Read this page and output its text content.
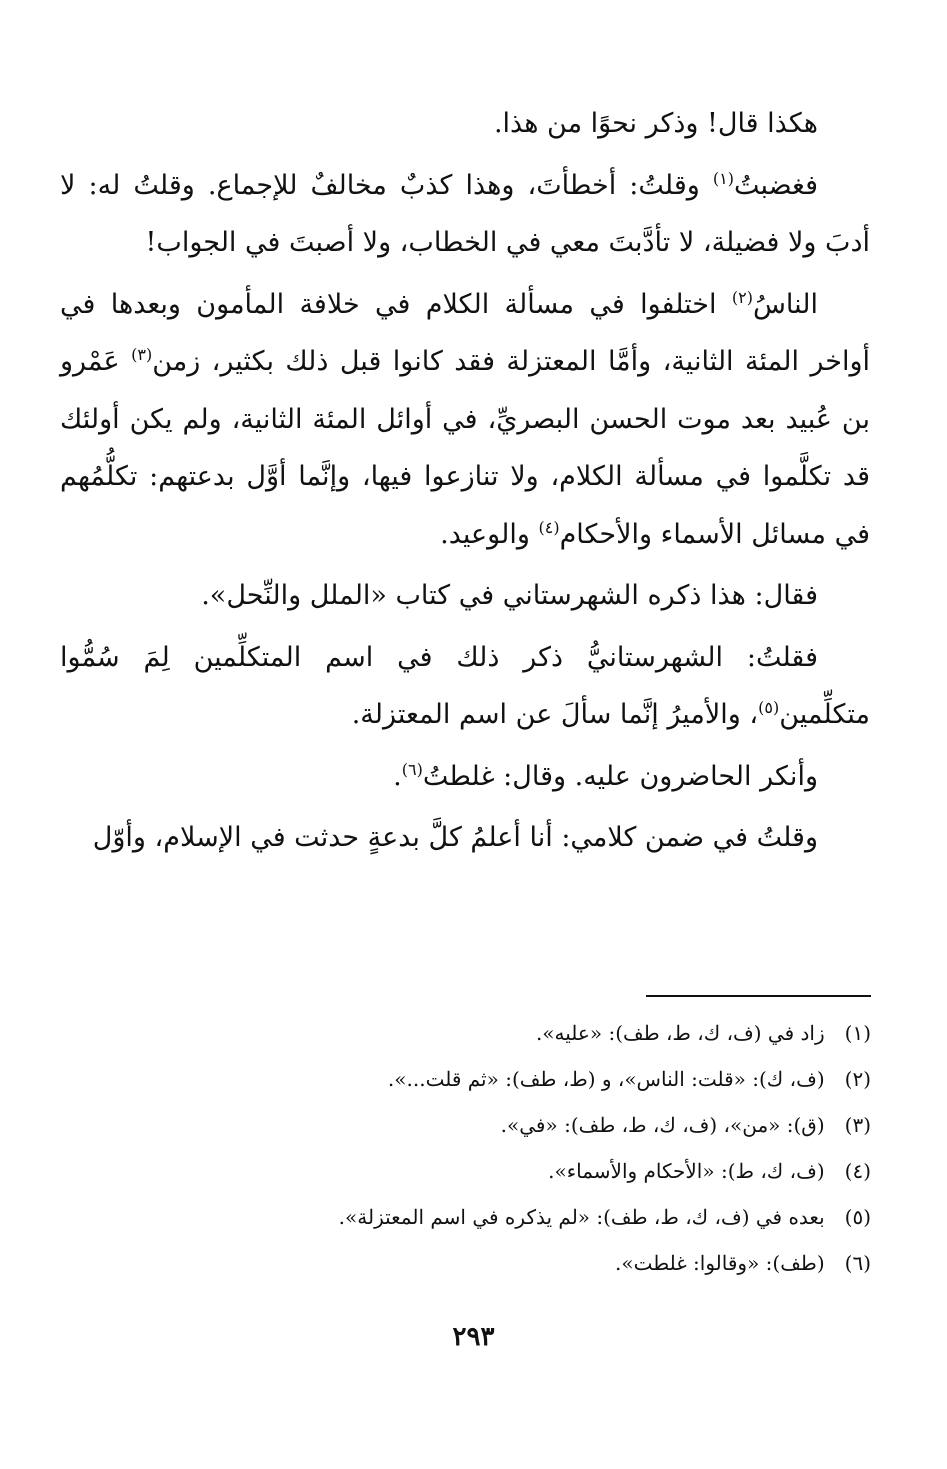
هكذا قال! وذكر نحوًا من هذا.

فغضبتُ$^{(١)}$ وقلتُ: أخطأتَ، وهذا كذبٌ مخالفٌ للإجماع. وقلتُ له: لا أدبَ ولا فضيلة، لا تأدَّبتَ معي في الخطاب، ولا أصبتَ في الجواب!

الناسُ$^{(٢)}$ اختلفوا في مسألة الكلام في خلافة المأمون وبعدها في أواخر المئة الثانية، وأمَّا المعتزلة فقد كانوا قبل ذلك بكثير، زمن$^{(٣)}$ عَمْرو بن عُبيد بعد موت الحسن البصريِّ، في أوائل المئة الثانية، ولم يكن أولئك قد تكلَّموا في مسألة الكلام، ولا تنازعوا فيها، وإنَّما أوَّل بدعتهم: تكلُّمُهم في مسائل الأسماء والأحكام$^{(٤)}$ والوعيد.

فقال: هذا ذكره الشهرستاني في كتاب «الملل والنِّحل».

فقلتُ: الشهرستانيُّ ذكر ذلك في اسم المتكلِّمين لِمَ سُمُّوا متكلِّمين$^{(٥)}$، والأميرُ إنَّما سألَ عن اسم المعتزلة.

وأنكر الحاضرون عليه. وقال: غلطتُ$^{(٦)}$.

وقلتُ في ضمن كلامي: أنا أعلمُ كلَّ بدعةٍ حدثت في الإسلام، وأوّل

(١) زاد في (ف، ك، ط، طف): «عليه».
(٢) (ف، ك): «قلت: الناس»، و (ط، طف): «ثم قلت...».
(٣) (ق): «من»، (ف، ك، ط، طف): «في».
(٤) (ف، ك، ط): «الأحكام والأسماء».
(٥) بعده في (ف، ك، ط، طف): «لم يذكره في اسم المعتزلة».
(٦) (طف): «وقالوا: غلطت».
٢٩٣
